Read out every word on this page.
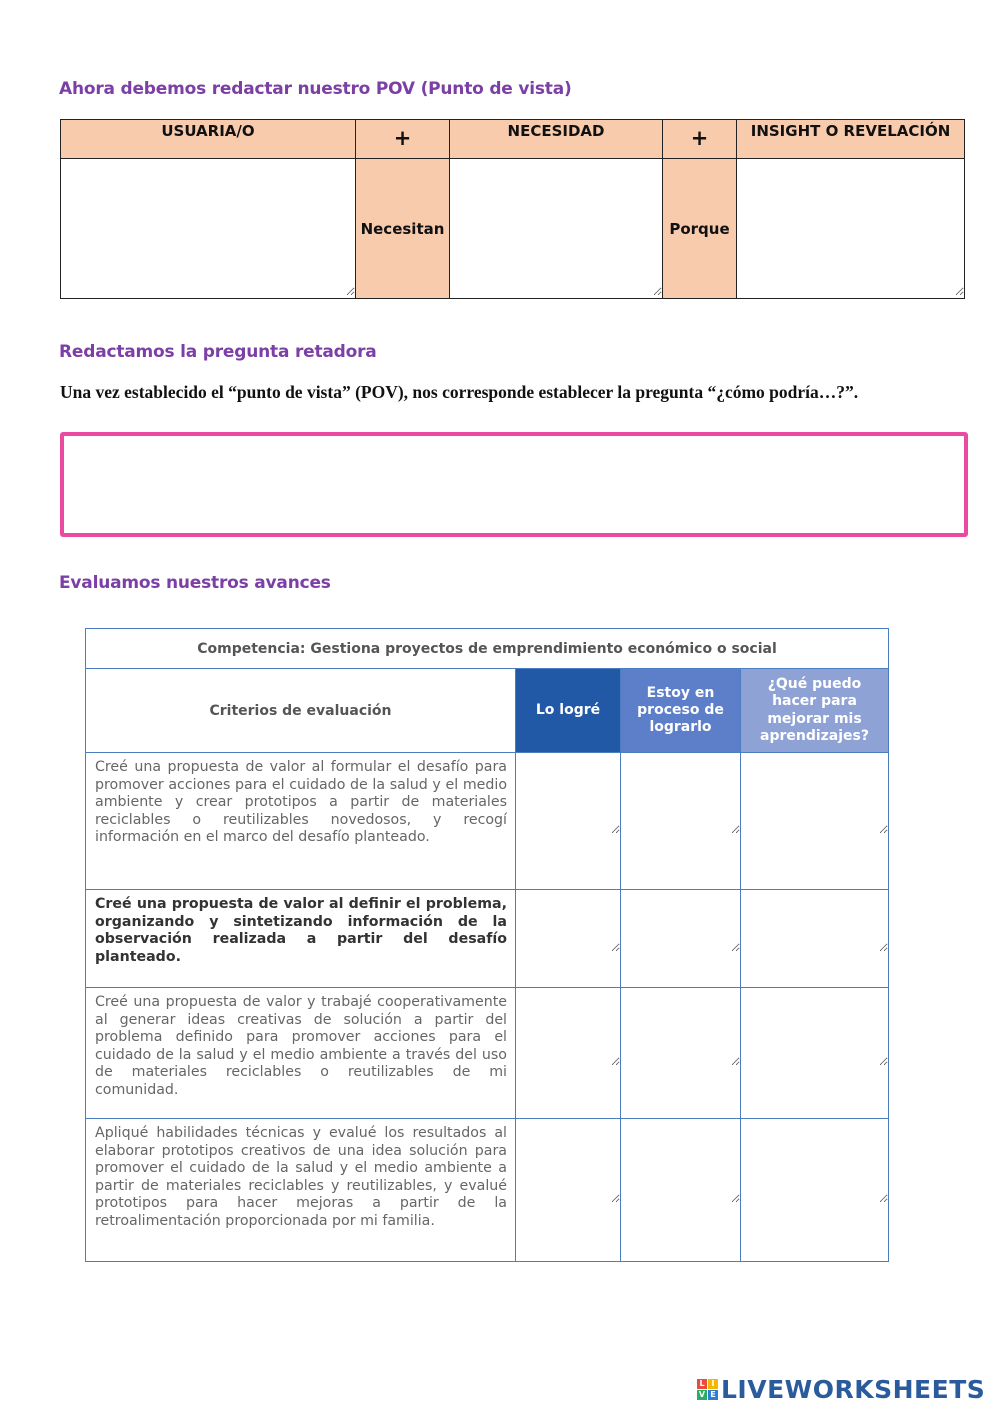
Ahora debemos redactar nuestro POV (Punto de vista)
USUARIA/O	+	NECESIDAD	+	INSIGHT O REVELACIÓN
	Necesitan		Porque	
Redactamos la pregunta retadora
Una vez establecido el “punto de vista” (POV), nos corresponde establecer la pregunta “¿cómo podría…?”.
Evaluamos nuestros avances
Competencia: Gestiona proyectos de emprendimiento económico o social			
Criterios de evaluación	Lo logré	Estoy en proceso de lograrlo	¿Qué puedo hacer para mejorar mis aprendizajes?
Creé una propuesta de valor al formular el desafío para promover acciones para el cuidado de la salud y el medio ambiente y crear prototipos a partir de materiales reciclables o reutilizables novedosos, y recogí información en el marco del desafío planteado.			
Creé una propuesta de valor al definir el problema, organizando y sintetizando información de la observación realizada a partir del desafío planteado.			
Creé una propuesta de valor y trabajé cooperativamente al generar ideas creativas de solución a partir del problema definido para promover acciones para el cuidado de la salud y el medio ambiente a través del uso de materiales reciclables o reutilizables de mi comunidad.			
Apliqué habilidades técnicas y evalué los resultados al elaborar prototipos creativos de una idea solución para promover el cuidado de la salud y el medio ambiente a partir de materiales reciclables y reutilizables, y evalué prototipos para hacer mejoras a partir de la retroalimentación proporcionada por mi familia.			
L I
V E LIVEWORKSHEETS
